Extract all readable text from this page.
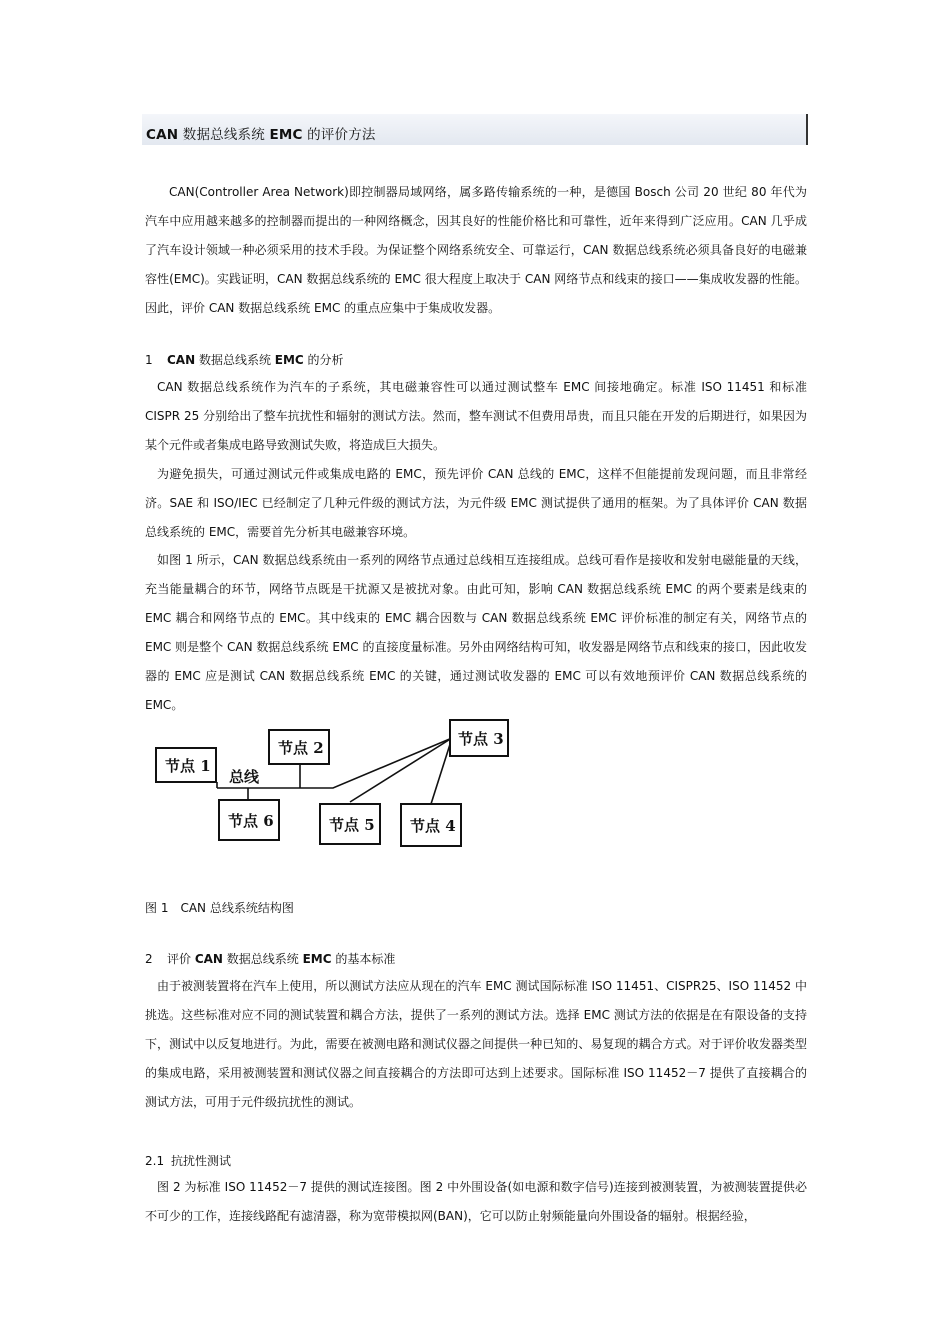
CAN 数据总线系统 EMC 的评价方法

CAN(Controller Area Network)即控制器局域网络，属多路传输系统的一种，是德国 Bosch 公司 20 世纪 80 年代为汽车中应用越来越多的控制器而提出的一种网络概念，因其良好的性能价格比和可靠性，近年来得到广泛应用。CAN 几乎成了汽车设计领域一种必须采用的技术手段。为保证整个网络系统安全、可靠运行，CAN 数据总线系统必须具备良好的电磁兼容性(EMC)。实践证明，CAN 数据总线系统的 EMC 很大程度上取决于 CAN 网络节点和线束的接口——集成收发器的性能。因此，评价 CAN 数据总线系统 EMC 的重点应集中于集成收发器。

1 CAN 数据总线系统 EMC 的分析

CAN 数据总线系统作为汽车的子系统，其电磁兼容性可以通过测试整车 EMC 间接地确定。标准 ISO 11451 和标准 CISPR 25 分别给出了整车抗扰性和辐射的测试方法。然而，整车测试不但费用昂贵，而且只能在开发的后期进行，如果因为某个元件或者集成电路导致测试失败，将造成巨大损失。

为避免损失，可通过测试元件或集成电路的 EMC，预先评价 CAN 总线的 EMC，这样不但能提前发现问题，而且非常经济。SAE 和 ISO/IEC 已经制定了几种元件级的测试方法，为元件级 EMC 测试提供了通用的框架。为了具体评价 CAN 数据总线系统的 EMC，需要首先分析其电磁兼容环境。

如图 1 所示，CAN 数据总线系统由一系列的网络节点通过总线相互连接组成。总线可看作是接收和发射电磁能量的天线，充当能量耦合的环节，网络节点既是干扰源又是被扰对象。由此可知，影响 CAN 数据总线系统 EMC 的两个要素是线束的 EMC 耦合和网络节点的 EMC。其中线束的 EMC 耦合因数与 CAN 数据总线系统 EMC 评价标准的制定有关，网络节点的 EMC 则是整个 CAN 数据总线系统 EMC 的直接度量标准。另外由网络结构可知，收发器是网络节点和线束的接口，因此收发器的 EMC 应是测试 CAN 数据总线系统 EMC 的关键，通过测试收发器的 EMC 可以有效地预评价 CAN 数据总线系统的 EMC。

节点 1
节点 2	节点 3
节点 6	节点 5 节点 4
总线

图 1　CAN 总线系统结构图

2 评价 CAN 数据总线系统 EMC 的基本标准

由于被测装置将在汽车上使用，所以测试方法应从现在的汽车 EMC 测试国际标准 ISO 11451、CISPR25、ISO 11452 中挑选。这些标准对应不同的测试装置和耦合方法，提供了一系列的测试方法。选择 EMC 测试方法的依据是在有限设备的支持下，测试中以反复地进行。为此，需要在被测电路和测试仪器之间提供一种已知的、易复现的耦合方式。对于评价收发器类型的集成电路，采用被测装置和测试仪器之间直接耦合的方法即可达到上述要求。国际标准 ISO 11452－7 提供了直接耦合的测试方法，可用于元件级抗扰性的测试。

2.1 抗扰性测试

图 2 为标准 ISO 11452－7 提供的测试连接图。图 2 中外围设备(如电源和数字信号)连接到被测装置，为被测装置提供必不可少的工作，连接线路配有滤清器，称为宽带模拟网(BAN)，它可以防止射频能量向外围设备的辐射。根据经验，
